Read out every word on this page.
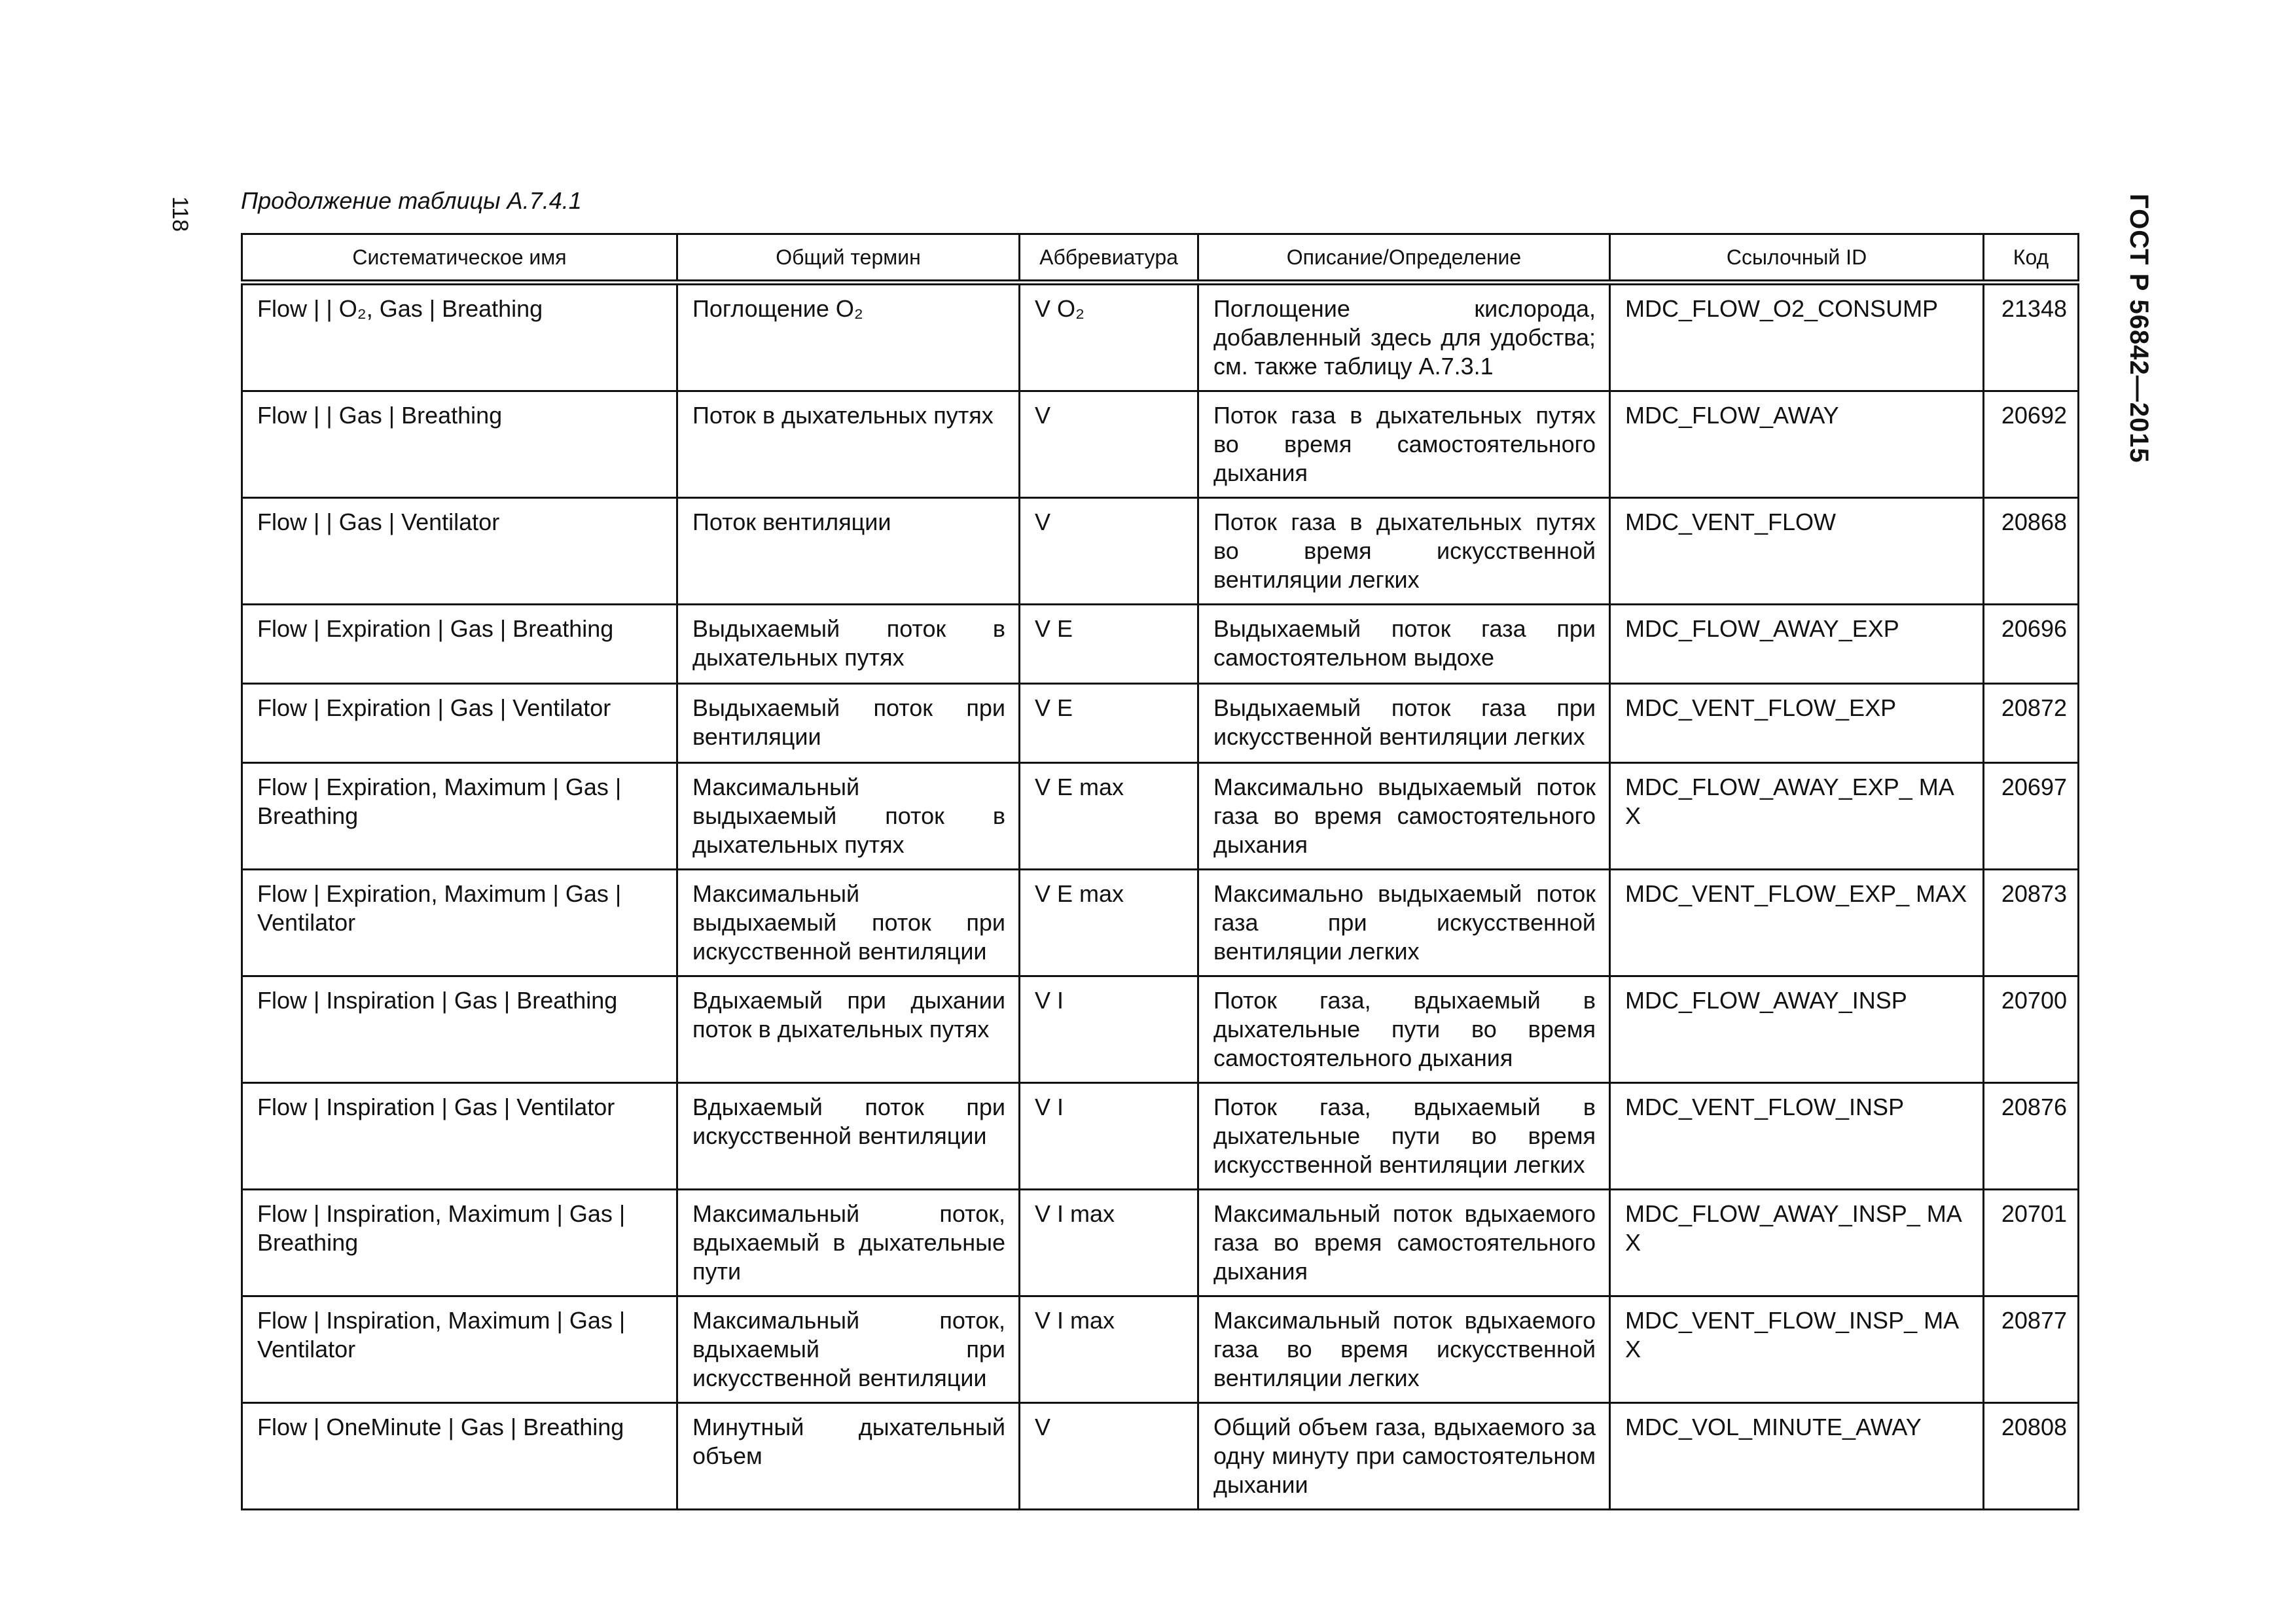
118	ГОСТ Р 56842—2015
Продолжение таблицы А.7.4.1
Систематическое имя	Общий термин	Аббревиатура	Описание/Определение	Ссылочный ID	Код
Flow | | O₂, Gas | Breathing	Поглощение O₂	V O₂	Поглощение кислорода, добавленный здесь для удобства; см. также таблицу А.7.3.1	MDC_FLOW_O2_CONSUMP	21348
Flow | | Gas | Breathing	Поток в дыхательных путях	V	Поток газа в дыхательных путях во время самостоятельного дыхания	MDC_FLOW_AWAY	20692
Flow | | Gas | Ventilator	Поток вентиляции	V	Поток газа в дыхательных путях во время искусственной вентиляции легких	MDC_VENT_FLOW	20868
Flow | Expiration | Gas | Breathing	Выдыхаемый поток в дыхательных путях	V E	Выдыхаемый поток газа при самостоятельном выдохе	MDC_FLOW_AWAY_EXP	20696
Flow | Expiration | Gas | Ventilator	Выдыхаемый поток при вентиляции	V E	Выдыхаемый поток газа при искусственной вентиляции легких	MDC_VENT_FLOW_EXP	20872
Flow | Expiration, Maximum | Gas | Breathing	Максимальный выдыхаемый поток в дыхательных путях	V E max	Максимально выдыхаемый поток газа во время самостоятельного дыхания	MDC_FLOW_AWAY_EXP_ MAX	20697
Flow | Expiration, Maximum | Gas | Ventilator	Максимальный выдыхаемый поток при искусственной вентиляции	V E max	Максимально выдыхаемый поток газа при искусственной вентиляции легких	MDC_VENT_FLOW_EXP_ MAX	20873
Flow | Inspiration | Gas | Breathing	Вдыхаемый при дыхании поток в дыхательных путях	V I	Поток газа, вдыхаемый в дыхательные пути во время самостоятельного дыхания	MDC_FLOW_AWAY_INSP	20700
Flow | Inspiration | Gas | Ventilator	Вдыхаемый поток при искусственной вентиляции	V I	Поток газа, вдыхаемый в дыхательные пути во время искусственной вентиляции легких	MDC_VENT_FLOW_INSP	20876
Flow | Inspiration, Maximum | Gas | Breathing	Максимальный поток, вдыхаемый в дыхательные пути	V I max	Максимальный поток вдыхаемого газа во время самостоятельного дыхания	MDC_FLOW_AWAY_INSP_ MAX	20701
Flow | Inspiration, Maximum | Gas | Ventilator	Максимальный поток, вдыхаемый при искусственной вентиляции	V I max	Максимальный поток вдыхаемого газа во время искусственной вентиляции легких	MDC_VENT_FLOW_INSP_ MAX	20877
Flow | OneMinute | Gas | Breathing	Минутный дыхательный объем	V	Общий объем газа, вдыхаемого за одну минуту при самостоятельном дыхании	MDC_VOL_MINUTE_AWAY	20808
